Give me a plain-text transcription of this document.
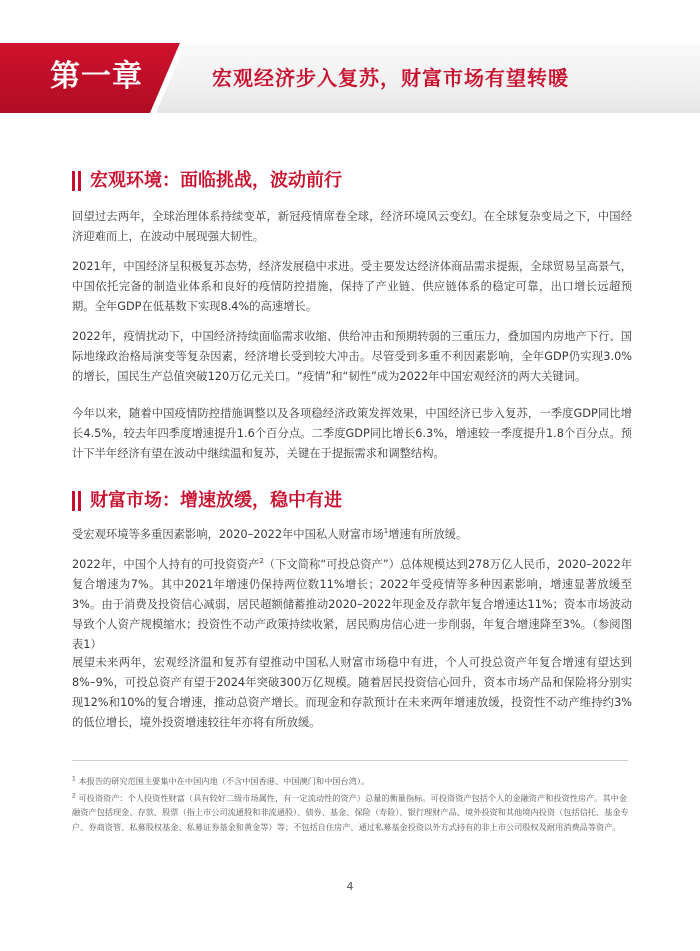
第一章	宏观经济步入复苏，财富市场有望转暖
宏观环境：面临挑战，波动前行

回望过去两年，全球治理体系持续变革，新冠疫情席卷全球，经济环境风云变幻。在全球复杂变局之下，中国经济迎难而上，在波动中展现强大韧性。

2021年，中国经济呈积极复苏态势，经济发展稳中求进。受主要发达经济体商品需求提振，全球贸易呈高景气，中国依托完备的制造业体系和良好的疫情防控措施，保持了产业链、供应链体系的稳定可靠，出口增长远超预期。全年GDP在低基数下实现8.4%的高速增长。

2022年，疫情扰动下，中国经济持续面临需求收缩、供给冲击和预期转弱的三重压力，叠加国内房地产下行、国际地缘政治格局演变等复杂因素，经济增长受到较大冲击。尽管受到多重不利因素影响，全年GDP仍实现3.0%的增长，国民生产总值突破120万亿元关口。“疫情”和“韧性”成为2022年中国宏观经济的两大关键词。

今年以来，随着中国疫情防控措施调整以及各项稳经济政策发挥效果，中国经济已步入复苏，一季度GDP同比增长4.5%，较去年四季度增速提升1.6个百分点。二季度GDP同比增长6.3%，增速较一季度提升1.8个百分点。预计下半年经济有望在波动中继续温和复苏，关键在于提振需求和调整结构。

财富市场：增速放缓，稳中有进

受宏观环境等多重因素影响，2020–2022年中国私人财富市场$^1$增速有所放缓。

2022年，中国个人持有的可投资资产$^2$（下文简称“可投总资产”）总体规模达到278万亿人民币，2020–2022年复合增速为7%。其中2021年增速仍保持两位数11%增长；2022年受疫情等多种因素影响，增速显著放缓至3%。由于消费及投资信心减弱，居民超额储蓄推动2020–2022年现金及存款年复合增速达11%；资本市场波动导致个人资产规模缩水；投资性不动产政策持续收紧，居民购房信心进一步削弱，年复合增速降至3%。（参阅图表1）

展望未来两年，宏观经济温和复苏有望推动中国私人财富市场稳中有进，个人可投总资产年复合增速有望达到8%–9%，可投总资产有望于2024年突破300万亿规模。随着居民投资信心回升，资本市场产品和保险将分别实现12%和10%的复合增速，推动总资产增长。而现金和存款预计在未来两年增速放缓，投资性不动产维持约3%的低位增长，境外投资增速较往年亦将有所放缓。

$^1$ 本报告的研究范围主要集中在中国内地（不含中国香港、中国澳门和中国台湾）。

$^2$ 可投资资产：个人投资性财富（具有较好二级市场属性，有一定流动性的资产）总量的衡量指标。可投资资产包括个人的金融资产和投资性房产。其中金融资产包括现金、存款、股票（指上市公司流通股和非流通股）、债券、基金、保险（寿险）、银行理财产品、境外投资和其他境内投资（包括信托、基金专户、券商资管、私募股权基金、私募证券基金和黄金等）等；不包括自住房产、通过私募基金投资以外方式持有的非上市公司股权及耐用消费品等资产。

4
